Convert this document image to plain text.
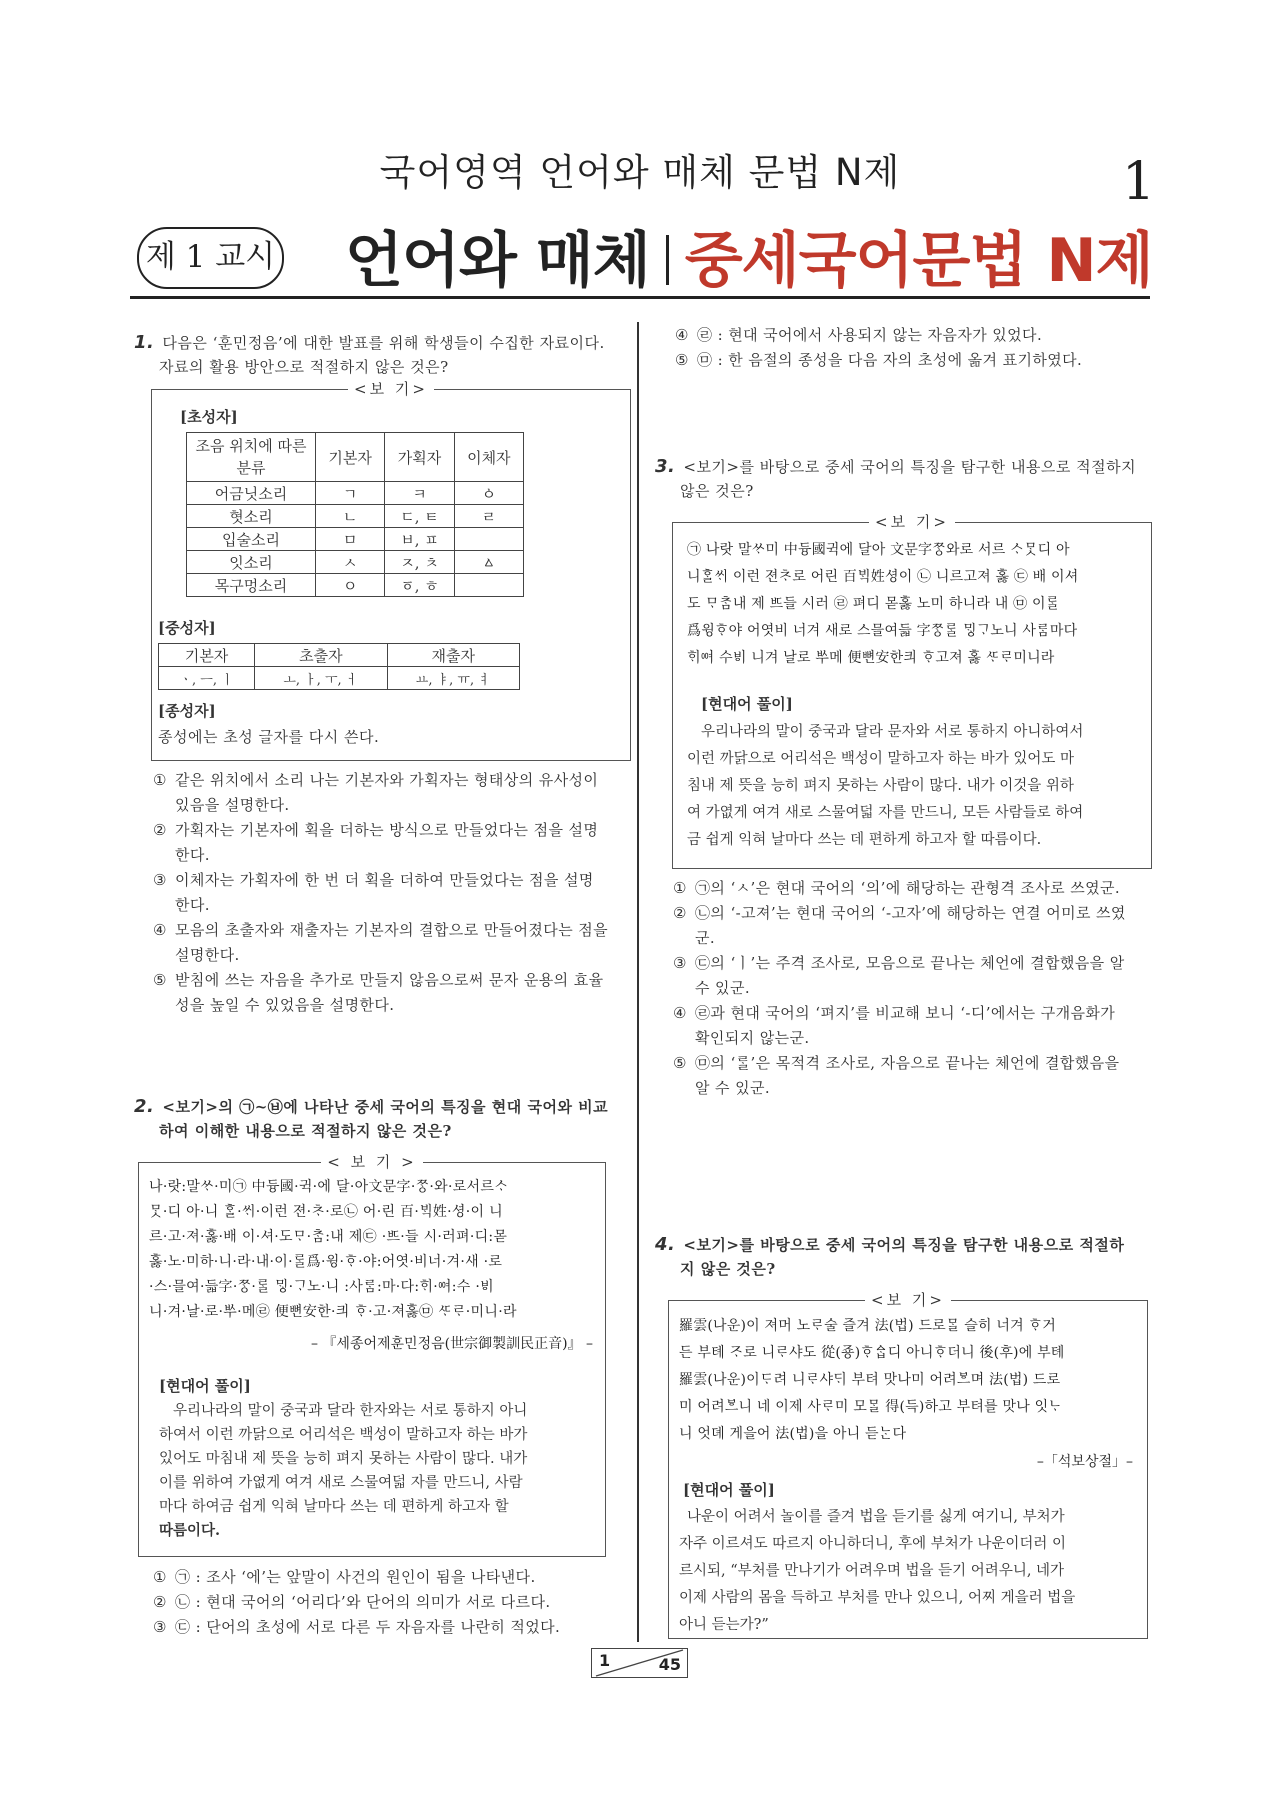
국어영역 언어와 매체 문법 N제	1
제 1 교시 언어와 매체 중세국어문법 N제
1. 다음은 ‘훈민정음’에 대한 발표를 위해 학생들이 수집한 자료이다.
자료의 활용 방안으로 적절하지 않은 것은?
<보 기>
[초성자]
조음 위치에 따른 분류	기본자	가획자	이체자
어금닛소리	ㄱ	ㅋ	ㆁ
혓소리	ㄴ	ㄷ, ㅌ	ㄹ
입술소리	ㅁ	ㅂ, ㅍ	
잇소리	ㅅ	ㅈ, ㅊ	ㅿ
목구멍소리	ㅇ	ㆆ, ㅎ	
[중성자]
기본자	초출자	재출자
ㆍ, ㅡ, ㅣ	ㅗ, ㅏ, ㅜ, ㅓ	ㅛ, ㅑ, ㅠ, ㅕ
[종성자]
종성에는 초성 글자를 다시 쓴다.
① 같은 위치에서 소리 나는 기본자와 가획자는 형태상의 유사성이
있음을 설명한다.
② 가획자는 기본자에 획을 더하는 방식으로 만들었다는 점을 설명
한다.
③ 이체자는 가획자에 한 번 더 획을 더하여 만들었다는 점을 설명
한다.
④ 모음의 초출자와 재출자는 기본자의 결합으로 만들어졌다는 점을
설명한다.
⑤ 받침에 쓰는 자음을 추가로 만들지 않음으로써 문자 운용의 효율
성을 높일 수 있었음을 설명한다.
2. <보기>의 ㉠~㉥에 나타난 중세 국어의 특징을 현대 국어와 비교
하여 이해한 내용으로 적절하지 않은 것은?
< 보 기 >
나·랏:말ᄊᆞ·미㉠ 中듕國·귁·에 달·아文문字·ᄍᆞᆼ·와·로서르ᄉᆞ
ᄆᆞᆺ·디 아·니 ᄒᆞᆯ·ᄊᆡ·이런 젼·ᄎᆞ·로㉡ 어·린 百·ᄇᆡᆨ姓·셩·이 니
르·고·져·홇·배 이·셔·도ᄆᆞ·ᄎᆞᆷ:내 제㉢ ·ᄠᅳ·들 시·러펴·디:몯
홇·노·미하·니·라·내·이·ᄅᆞᆯ爲·윙·ᄒᆞ·야:어엿·비너·겨·새 ·로
·스·믈여·듧字·ᄍᆞᆼ·ᄅᆞᆯ ᄆᆡᇰ·ᄀᆞ노·니 :사ᄅᆞᆷ:마·다:ᄒᆡ·ᅇᅧ:수 ·ᄫᅵ
니·겨·날·로·ᄡᅮ·메㉣ 便뼌安한·킈 ᄒᆞ·고·져홇㉤ ᄯᆞᄅᆞ·미니·라
– 『세종어제훈민정음(世宗御製訓民正音)』 –
[현대어 풀이]
우리나라의 말이 중국과 달라 한자와는 서로 통하지 아니
하여서 이런 까닭으로 어리석은 백성이 말하고자 하는 바가
있어도 마침내 제 뜻을 능히 펴지 못하는 사람이 많다. 내가
이를 위하여 가엾게 여겨 새로 스물여덟 자를 만드니, 사람
마다 하여금 쉽게 익혀 날마다 쓰는 데 편하게 하고자 할
따름이다.
① ㉠ : 조사 ‘에’는 앞말이 사건의 원인이 됨을 나타낸다.
② ㉡ : 현대 국어의 ‘어리다’와 단어의 의미가 서로 다르다.
③ ㉢ : 단어의 초성에 서로 다른 두 자음자를 나란히 적었다.
④ ㉣ : 현대 국어에서 사용되지 않는 자음자가 있었다.
⑤ ㉤ : 한 음절의 종성을 다음 자의 초성에 옮겨 표기하였다.
3. <보기>를 바탕으로 중세 국어의 특징을 탐구한 내용으로 적절하지
않은 것은?
<보 기>
㉠ 나랏 말ᄊᆞ미 中듕國귁에 달아 文문字ᄍᆞᆼ와로 서르 ᄉᆞᄆᆞᆺ디 아
니ᄒᆞᆯᄊᆡ 이런 젼ᄎᆞ로 어린 百ᄇᆡᆨ姓셩이 ㉡ 니르고져 홇 ㉢ 배 이셔
도 ᄆᆞᄎᆞᆷ내 제 ᄠᅳ들 시러 ㉣ 펴디 몯홇 노미 하니라 내 ㉤ 이ᄅᆞᆯ
爲윙ᄒᆞ야 어엿비 너겨 새로 스믈여듧 字ᄍᆞᆼᄅᆞᆯ ᄆᆡᇰᄀᆞ노니 사ᄅᆞᆷ마다
ᄒᆡᅇᅧ 수ᄫᅵ 니겨 날로 ᄡᅮ메 便뼌安한킈 ᄒᆞ고져 홇 ᄯᆞᄅᆞ미니라
[현대어 풀이]
우리나라의 말이 중국과 달라 문자와 서로 통하지 아니하여서
이런 까닭으로 어리석은 백성이 말하고자 하는 바가 있어도 마
침내 제 뜻을 능히 펴지 못하는 사람이 많다. 내가 이것을 위하
여 가엾게 여겨 새로 스물여덟 자를 만드니, 모든 사람들로 하여
금 쉽게 익혀 날마다 쓰는 데 편하게 하고자 할 따름이다.
① ㉠의 ‘ㅅ’은 현대 국어의 ‘의’에 해당하는 관형격 조사로 쓰였군.
② ㉡의 ‘-고져’는 현대 국어의 ‘-고자’에 해당하는 연결 어미로 쓰였
군.
③ ㉢의 ‘ㅣ’는 주격 조사로, 모음으로 끝나는 체언에 결합했음을 알
수 있군.
④ ㉣과 현대 국어의 ‘펴지’를 비교해 보니 ‘-디’에서는 구개음화가
확인되지 않는군.
⑤ ㉤의 ‘ᄅᆞᆯ’은 목적격 조사로, 자음으로 끝나는 체언에 결합했음을
알 수 있군.
4. <보기>를 바탕으로 중세 국어의 특징을 탐구한 내용으로 적절하
지 않은 것은?
<보 기>
羅雲(나운)이 져머 노ᄅᆞ술 즐겨 法(법) 드로ᄆᆞᆯ 슬히 너겨 ᄒᆞ거
든 부톄 ᄌᆞ로 니ᄅᆞ샤도 從(죵)ᄒᆞᅀᆞᆸ디 아니ᄒᆞ더니 後(후)에 부톄
羅雲(나운)이ᄃᆞ려 니ᄅᆞ샤ᄃᆡ 부텨 맛나미 어려ᄫᅳ며 法(법) 드로
미 어려ᄫᅳ니 네 이제 사ᄅᆞ미 모ᄆᆞᆯ 得(득)하고 부텨를 맛나 잇ᄂᆞ
니 엇뎨 게을어 法(법)을 아니 듣ᄂᆞᆫ다
–「석보상절」–
[현대어 풀이]
나운이 어려서 놀이를 즐겨 법을 듣기를 싫게 여기니, 부처가
자주 이르셔도 따르지 아니하더니, 후에 부처가 나운이더러 이
르시되, “부처를 만나기가 어려우며 법을 듣기 어려우니, 네가
이제 사람의 몸을 득하고 부처를 만나 있으니, 어찌 게을러 법을
아니 듣는가?”
1	45
